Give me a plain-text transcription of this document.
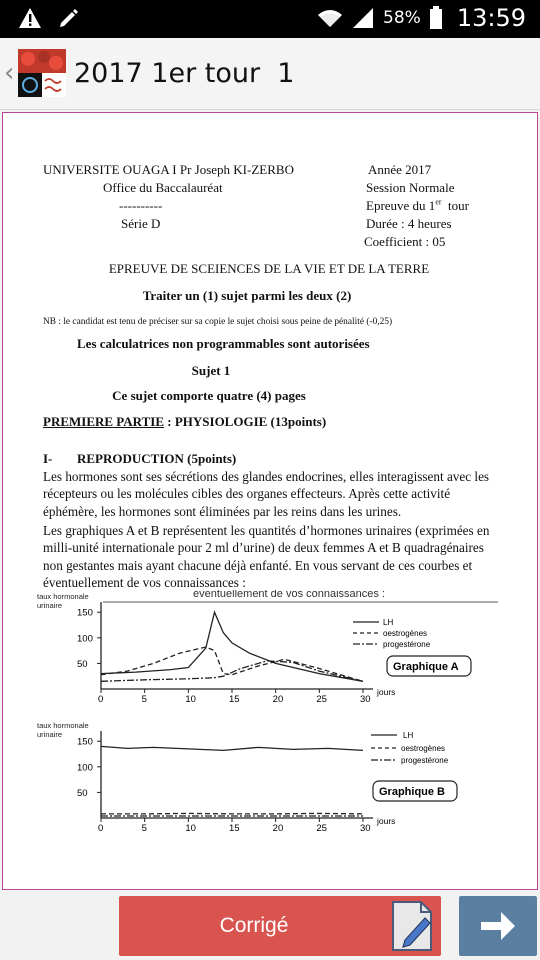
58% 13:59
‹ 2017 1er tour  1
UNIVERSITE OUAGA I Pr Joseph KI-ZERBO
Office du Baccalauréat
----------
Série D
Année 2017
Session Normale
Epreuve du 1er  tour
Durée : 4 heures
Coefficient : 05
EPREUVE DE SCEIENCES DE LA VIE ET DE LA TERRE
Traiter un (1) sujet parmi les deux (2)
NB : le candidat est tenu de préciser sur sa copie le sujet choisi sous peine de pénalité (-0,25)
Les calculatrices non programmables sont autorisées
Sujet 1
Ce sujet comporte quatre (4) pages
PREMIERE PARTIE : PHYSIOLOGIE (13points)
I- REPRODUCTION (5points)
Les hormones sont ses sécrétions des glandes endocrines, elles interagissent avec les récepteurs ou les molécules cibles des organes effecteurs. Après cette activité éphémère, les hormones sont éliminées par les reins dans les urines.
Les graphiques A et B représentent les quantités d’hormones urinaires (exprimées en milli-unité internationale pour 2 ml d’urine) de deux femmes A et B quadragénaires non gestantes mais ayant chacune déjà enfanté. En vous servant de ces courbes et éventuellement de vos connaissances :
éventuellement de vos connaissances :
0	5	10	15	20	25	30
jours
50
100
150
0	5	10	15	20	25	30
jours
50
100
150
taux hormonale
urinaire
taux hormonale
urinaire
LH
oestrogènes
progestérone
Graphique A
LH
oestrogènes
progestérone
Graphique B
Corrigé
